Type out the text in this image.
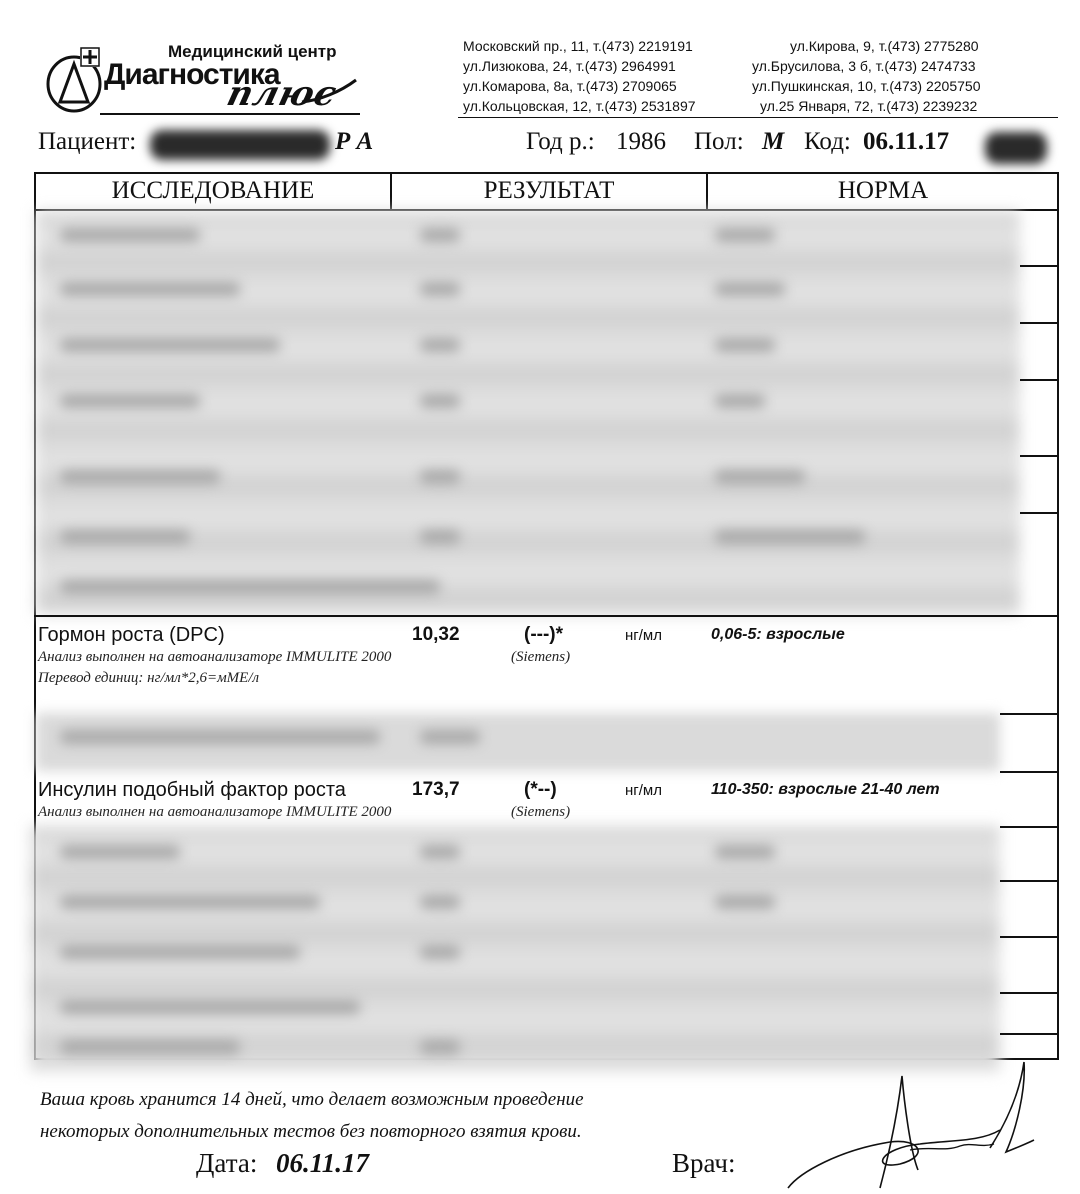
Медицинский центр
Диагностика
плюс
Московский пр., 11, т.(473) 2219191
ул.Лизюкова, 24, т.(473) 2964991
ул.Комарова, 8а, т.(473) 2709065
ул.Кольцовская, 12, т.(473) 2531897
ул.Кирова, 9, т.(473) 2775280
ул.Брусилова, 3 б, т.(473) 2474733
ул.Пушкинская, 10, т.(473) 2205750
ул.25 Января, 72, т.(473) 2239232
Пациент:	Р А	Год р.: 1986 Пол: М Код: 06.11.17
ИССЛЕДОВАНИЕ	РЕЗУЛЬТАТ	НОРМА
Гормон роста (DPC)	10,32	(---)*	нг/мл	0,06-5: взрослые
Анализ выполнен на автоанализаторе IMMULITE 2000	(Siemens)
Перевод единиц: нг/мл*2,6=мМЕ/л
Инсулин подобный фактор роста	173,7	(*--)	нг/мл	110-350: взрослые 21-40 лет
Анализ выполнен на автоанализаторе IMMULITE 2000	(Siemens)
Ваша кровь хранится 14 дней, что делает возможным проведение
некоторых дополнительных тестов без повторного взятия крови.
Дата: 06.11.17	Врач:
